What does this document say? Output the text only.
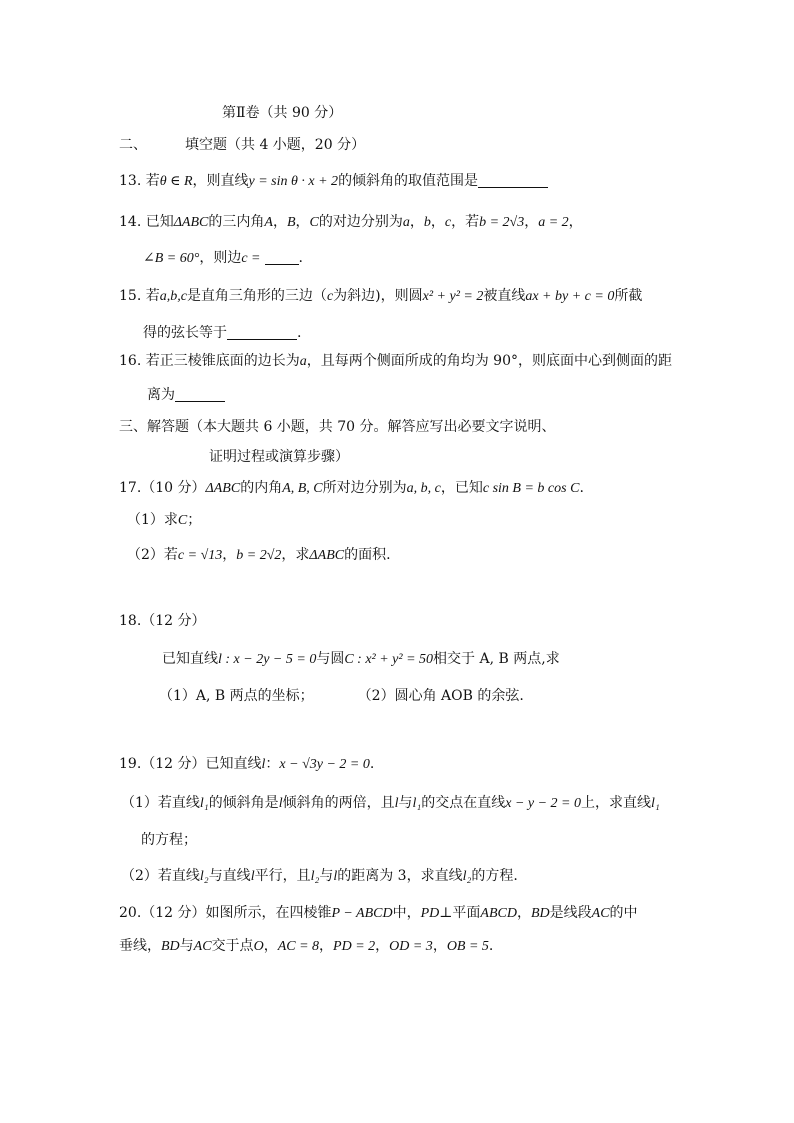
第Ⅱ卷（共 90 分）
二、	填空题（共 4 小题，20 分）
13. 若θ ∈ R，则直线y = sin θ · x + 2的倾斜角的取值范围是
14. 已知ΔABC的三内角A，B，C的对边分别为a，b，c，若b = 2√3，a = 2，
∠B = 60°，则边c =	.
15. 若a,b,c是直角三角形的三边（c为斜边)，则圆x² + y² = 2被直线ax + by + c = 0所截
得的弦长等于	.
16. 若正三棱锥底面的边长为a，且每两个侧面所成的角均为 90°，则底面中心到侧面的距
离为
三、解答题（本大题共 6 小题，共 70 分。解答应写出必要文字说明、
证明过程或演算步骤）
17.（10 分）ΔABC的内角A, B, C所对边分别为a, b, c，已知c sin B = b cos C.
（1）求C；
（2）若c = √13，b = 2√2，求ΔABC的面积.
18.（12 分）
已知直线l : x − 2y − 5 = 0与圆C : x² + y² = 50相交于 A, B 两点,求
（1）A, B 两点的坐标；	（2）圆心角 AOB 的余弦.
19.（12 分）已知直线l：x − √3y − 2 = 0.
（1）若直线l₁的倾斜角是l倾斜角的两倍，且l与l₁的交点在直线x − y − 2 = 0上，求直线l₁
的方程；
（2）若直线l₂与直线l平行，且l₂与l的距离为 3，求直线l₂的方程.
20.（12 分）如图所示，在四棱锥P − ABCD中，PD⊥平面ABCD，BD是线段AC的中
垂线，BD与AC交于点O，AC = 8，PD = 2，OD = 3，OB = 5.
